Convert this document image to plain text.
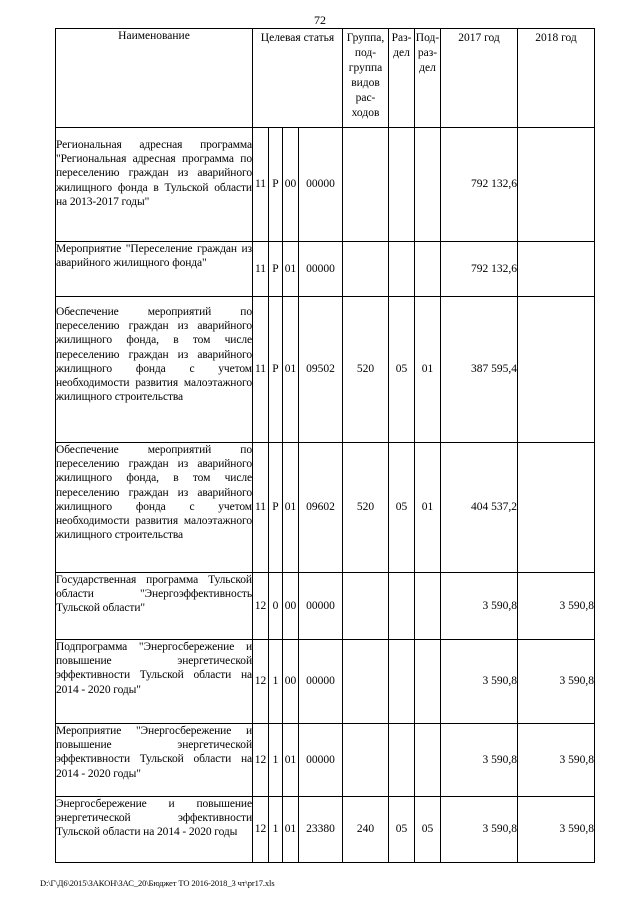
72
Наименование	Целевая статья				Группа, под-группа видов рас-ходов	Раз-дел	Под-раз-дел	2017 год	2018 год
Региональная адресная программа "Региональная адресная программа по переселению граждан из аварийного жилищного фонда в Тульской области на 2013-2017 годы"	11	Р	00	00000				792 132,6	
Мероприятие "Переселение граждан из аварийного жилищного фонда"	11	Р	01	00000				792 132,6	
Обеспечение мероприятий по переселению граждан из аварийного жилищного фонда, в том числе переселению граждан из аварийного жилищного фонда с учетом необходимости развития малоэтажного жилищного строительства	11	Р	01	09502	520	05	01	387 595,4	
Обеспечение мероприятий по переселению граждан из аварийного жилищного фонда, в том числе переселению граждан из аварийного жилищного фонда с учетом необходимости развития малоэтажного жилищного строительства	11	Р	01	09602	520	05	01	404 537,2	
Государственная программа Тульской области "Энергоэффективность Тульской области"	12	0	00	00000				3 590,8	3 590,8
Подпрограмма "Энергосбережение и повышение энергетической эффективности Тульской области на 2014 - 2020 годы"	12	1	00	00000				3 590,8	3 590,8
Мероприятие "Энергосбережение и повышение энергетической эффективности Тульской области на 2014 - 2020 годы"	12	1	01	00000				3 590,8	3 590,8
Энергосбережение и повышение энергетической эффективности Тульской области на 2014 - 2020 годы	12	1	01	23380	240	05	05	3 590,8	3 590,8
D:\Г\Д6\2015\ЗАКОН\ЗАС_20\Бюджет ТО 2016-2018_3 чт\pr17.xls
